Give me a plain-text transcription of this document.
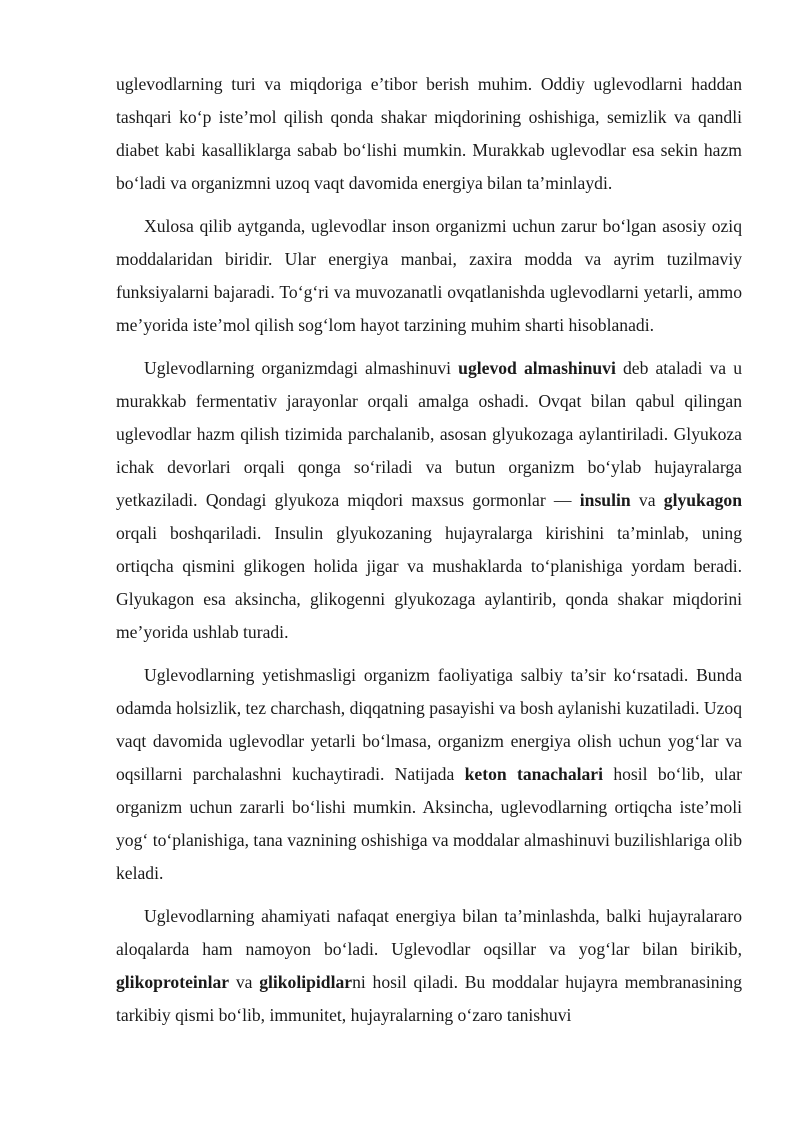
uglevodlarning turi va miqdoriga e’tibor berish muhim. Oddiy uglevodlarni haddan tashqari ko‘p iste’mol qilish qonda shakar miqdorining oshishiga, semizlik va qandli diabet kabi kasalliklarga sabab bo‘lishi mumkin. Murakkab uglevodlar esa sekin hazm bo‘ladi va organizmni uzoq vaqt davomida energiya bilan ta’minlaydi.

Xulosa qilib aytganda, uglevodlar inson organizmi uchun zarur bo‘lgan asosiy oziq moddalaridan biridir. Ular energiya manbai, zaxira modda va ayrim tuzilmaviy funksiyalarni bajaradi. To‘g‘ri va muvozanatli ovqatlanishda uglevodlarni yetarli, ammo me’yorida iste’mol qilish sog‘lom hayot tarzining muhim sharti hisoblanadi.

Uglevodlarning organizmdagi almashinuvi uglevod almashinuvi deb ataladi va u murakkab fermentativ jarayonlar orqali amalga oshadi. Ovqat bilan qabul qilingan uglevodlar hazm qilish tizimida parchalanib, asosan glyukozaga aylantiriladi. Glyukoza ichak devorlari orqali qonga so‘riladi va butun organizm bo‘ylab hujayralarga yetkaziladi. Qondagi glyukoza miqdori maxsus gormonlar — insulin va glyukagon orqali boshqariladi. Insulin glyukozaning hujayralarga kirishini ta’minlab, uning ortiqcha qismini glikogen holida jigar va mushaklarda to‘planishiga yordam beradi. Glyukagon esa aksincha, glikogenni glyukozaga aylantirib, qonda shakar miqdorini me’yorida ushlab turadi.

Uglevodlarning yetishmasligi organizm faoliyatiga salbiy ta’sir ko‘rsatadi. Bunda odamda holsizlik, tez charchash, diqqatning pasayishi va bosh aylanishi kuzatiladi. Uzoq vaqt davomida uglevodlar yetarli bo‘lmasa, organizm energiya olish uchun yog‘lar va oqsillarni parchalashni kuchaytiradi. Natijada keton tanachalari hosil bo‘lib, ular organizm uchun zararli bo‘lishi mumkin. Aksincha, uglevodlarning ortiqcha iste’moli yog‘ to‘planishiga, tana vaznining oshishiga va moddalar almashinuvi buzilishlariga olib keladi.

Uglevodlarning ahamiyati nafaqat energiya bilan ta’minlashda, balki hujayralararo aloqalarda ham namoyon bo‘ladi. Uglevodlar oqsillar va yog‘lar bilan birikib, glikoproteinlar va glikolipidlarni hosil qiladi. Bu moddalar hujayra membranasining tarkibiy qismi bo‘lib, immunitet, hujayralarning o‘zaro tanishuvi
